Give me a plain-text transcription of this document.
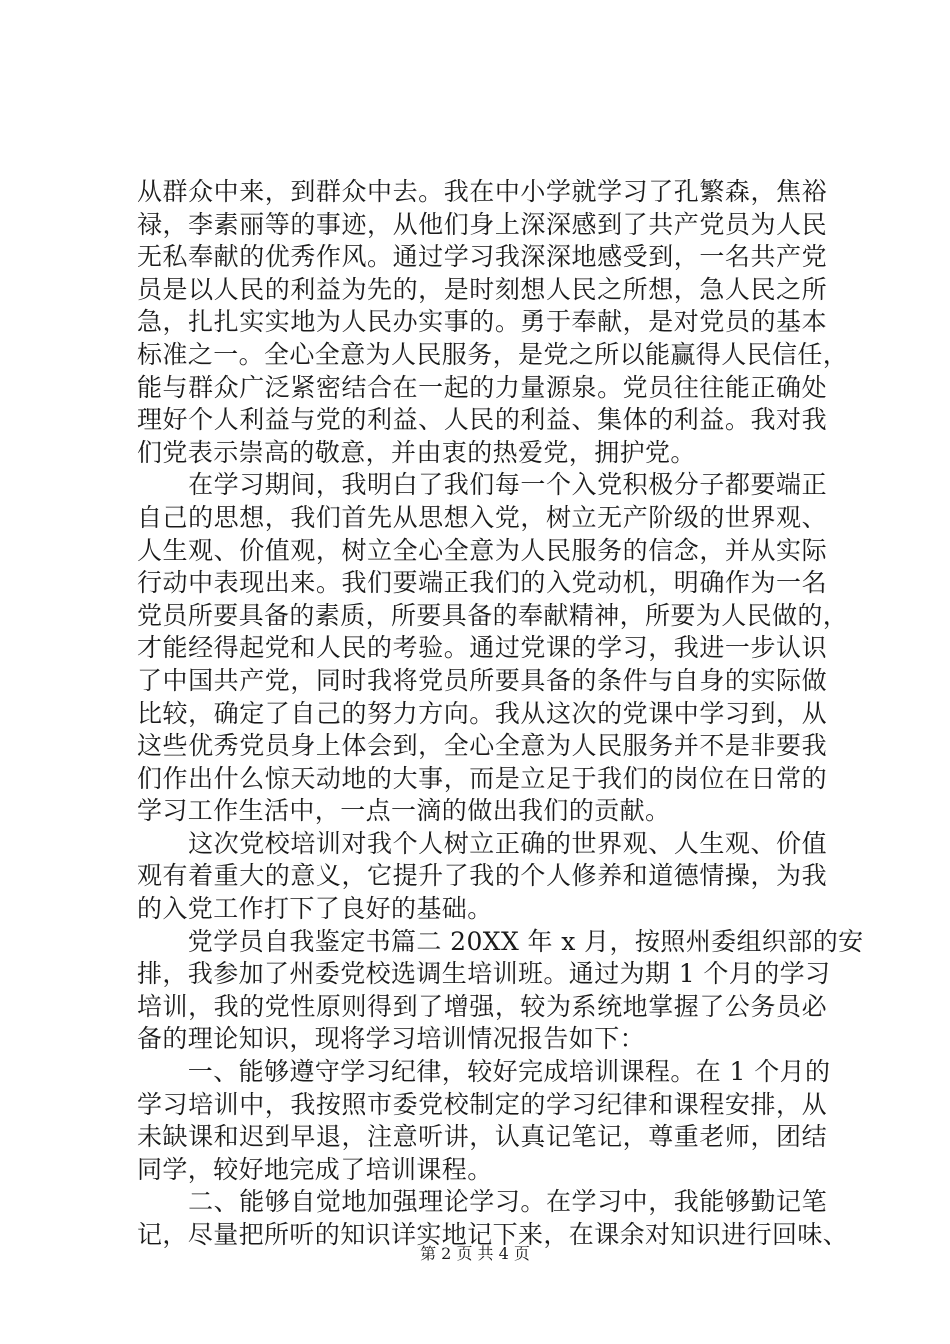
从群众中来，到群众中去。我在中小学就学习了孔繁森，焦裕
禄，李素丽等的事迹，从他们身上深深感到了共产党员为人民
无私奉献的优秀作风。通过学习我深深地感受到，一名共产党
员是以人民的利益为先的，是时刻想人民之所想，急人民之所
急，扎扎实实地为人民办实事的。勇于奉献，是对党员的基本
标准之一。全心全意为人民服务，是党之所以能赢得人民信任，
能与群众广泛紧密结合在一起的力量源泉。党员往往能正确处
理好个人利益与党的利益、人民的利益、集体的利益。我对我
们党表示崇高的敬意，并由衷的热爱党，拥护党。
　　在学习期间，我明白了我们每一个入党积极分子都要端正
自己的思想，我们首先从思想入党，树立无产阶级的世界观、
人生观、价值观，树立全心全意为人民服务的信念，并从实际
行动中表现出来。我们要端正我们的入党动机，明确作为一名
党员所要具备的素质，所要具备的奉献精神，所要为人民做的，
才能经得起党和人民的考验。通过党课的学习，我进一步认识
了中国共产党，同时我将党员所要具备的条件与自身的实际做
比较，确定了自己的努力方向。我从这次的党课中学习到，从
这些优秀党员身上体会到，全心全意为人民服务并不是非要我
们作出什么惊天动地的大事，而是立足于我们的岗位在日常的
学习工作生活中，一点一滴的做出我们的贡献。
　　这次党校培训对我个人树立正确的世界观、人生观、价值
观有着重大的意义，它提升了我的个人修养和道德情操，为我
的入党工作打下了良好的基础。
　　党学员自我鉴定书篇二 20XX 年 x 月，按照州委组织部的安
排，我参加了州委党校选调生培训班。通过为期 1 个月的学习
培训，我的党性原则得到了增强，较为系统地掌握了公务员必
备的理论知识，现将学习培训情况报告如下：
　　一、能够遵守学习纪律，较好完成培训课程。在 1 个月的
学习培训中，我按照市委党校制定的学习纪律和课程安排，从
未缺课和迟到早退，注意听讲，认真记笔记，尊重老师，团结
同学，较好地完成了培训课程。
　　二、能够自觉地加强理论学习。在学习中，我能够勤记笔
记，尽量把所听的知识详实地记下来，在课余对知识进行回味、
第 2 页 共 4 页
